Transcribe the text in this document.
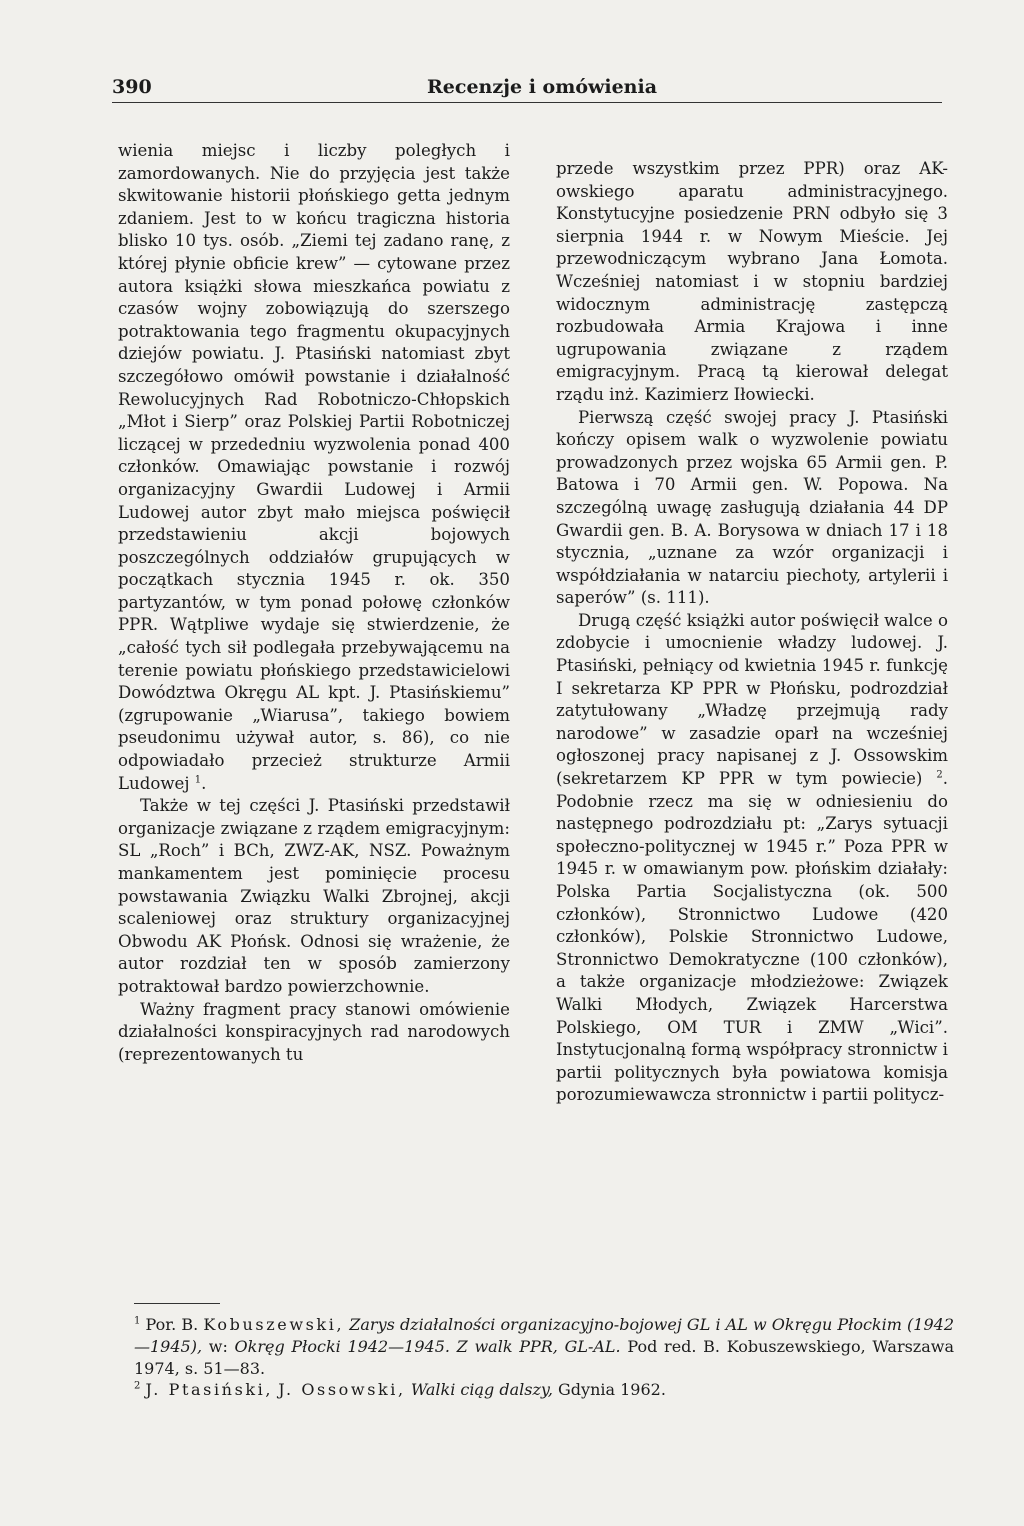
390	Recenzje i omówienia

wienia miejsc i liczby poległych i zamordowanych. Nie do przyjęcia jest także skwitowanie historii płońskiego getta jednym zdaniem. Jest to w końcu tragiczna historia blisko 10 tys. osób. „Ziemi tej zadano ranę, z której płynie obficie krew” — cytowane przez autora książki słowa mieszkańca powiatu z czasów wojny zobowiązują do szerszego potraktowania tego fragmentu okupacyjnych dziejów powiatu. J. Ptasiński natomiast zbyt szczegółowo omówił powstanie i działalność Rewolucyjnych Rad Robotniczo-Chłopskich „Młot i Sierp” oraz Polskiej Partii Robotniczej liczącej w przededniu wyzwolenia ponad 400 członków. Omawiając powstanie i rozwój organizacyjny Gwardii Ludowej i Armii Ludowej autor zbyt mało miejsca poświęcił przedstawieniu akcji bojowych poszczególnych oddziałów grupujących w początkach stycznia 1945 r. ok. 350 partyzantów, w tym ponad połowę członków PPR. Wątpliwe wydaje się stwierdzenie, że „całość tych sił podlegała przebywającemu na terenie powiatu płońskiego przedstawicielowi Dowództwa Okręgu AL kpt. J. Ptasińskiemu” (zgrupowanie „Wiarusa”, takiego bowiem pseudonimu używał autor, s. 86), co nie odpowiadało przecież strukturze Armii Ludowej $^1$.

Także w tej części J. Ptasiński przedstawił organizacje związane z rządem emigracyjnym: SL „Roch” i BCh, ZWZ-AK, NSZ. Poważnym mankamentem jest pominięcie procesu powstawania Związku Walki Zbrojnej, akcji scaleniowej oraz struktury organizacyjnej Obwodu AK Płońsk. Odnosi się wrażenie, że autor rozdział ten w sposób zamierzony potraktował bardzo powierzchownie.

Ważny fragment pracy stanowi omówienie działalności konspiracyjnych rad narodowych (reprezentowanych tu

przede wszystkim przez PPR) oraz AK-owskiego aparatu administracyjnego. Konstytucyjne posiedzenie PRN odbyło się 3 sierpnia 1944 r. w Nowym Mieście. Jej przewodniczącym wybrano Jana Łomota. Wcześniej natomiast i w stopniu bardziej widocznym administrację zastępczą rozbudowała Armia Krajowa i inne ugrupowania związane z rządem emigracyjnym. Pracą tą kierował delegat rządu inż. Kazimierz Iłowiecki.

Pierwszą część swojej pracy J. Ptasiński kończy opisem walk o wyzwolenie powiatu prowadzonych przez wojska 65 Armii gen. P. Batowa i 70 Armii gen. W. Popowa. Na szczególną uwagę zasługują działania 44 DP Gwardii gen. B. A. Borysowa w dniach 17 i 18 stycznia, „uznane za wzór organizacji i współdziałania w natarciu piechoty, artylerii i saperów” (s. 111).

Drugą część książki autor poświęcił walce o zdobycie i umocnienie władzy ludowej. J. Ptasiński, pełniący od kwietnia 1945 r. funkcję I sekretarza KP PPR w Płońsku, podrozdział zatytułowany „Władzę przejmują rady narodowe” w zasadzie oparł na wcześniej ogłoszonej pracy napisanej z J. Ossowskim (sekretarzem KP PPR w tym powiecie) $^2$. Podobnie rzecz ma się w odniesieniu do następnego podrozdziału pt: „Zarys sytuacji społeczno-politycznej w 1945 r.” Poza PPR w 1945 r. w omawianym pow. płońskim działały: Polska Partia Socjalistyczna (ok. 500 członków), Stronnictwo Ludowe (420 członków), Polskie Stronnictwo Ludowe, Stronnictwo Demokratyczne (100 członków), a także organizacje młodzieżowe: Związek Walki Młodych, Związek Harcerstwa Polskiego, OM TUR i ZMW „Wici”. Instytucjonalną formą współpracy stronnictw i partii politycznych była powiatowa komisja porozumiewawcza stronnictw i partii politycz-

$^1$ Por. B. Kobuszewski, Zarys działalności organizacyjno-bojowej GL i AL w Okręgu Płockim (1942—1945), w: Okręg Płocki 1942—1945. Z walk PPR, GL-AL. Pod red. B. Kobuszewskiego, Warszawa 1974, s. 51—83.

$^2$ J. Ptasiński, J. Ossowski, Walki ciąg dalszy, Gdynia 1962.
